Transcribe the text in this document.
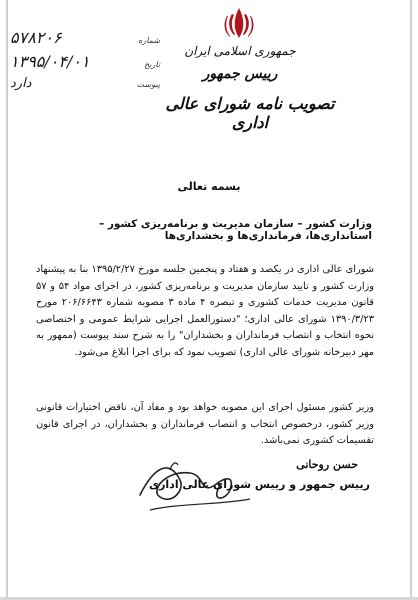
شماره
۵۷۸۲۰۶
تاریخ
۱۳۹۵/۰۴/۰۱
پیوست
دارد
جمهوری اسلامی ایران
رییس جمهور
تصویب نامه شورای عالی اداری
بسمه تعالی
وزارت کشور – سازمان مدیریت و برنامه‌ریزی کشور – استانداری‌ها، فرمانداری‌ها و بخشداری‌ها
شورای عالی اداری در یکصد و هفتاد و پنجمین جلسه مورخ ۱۳۹۵/۲/۲۷ بنا به پیشنهاد وزارت کشور و تایید سازمان مدیریت و برنامه‌ریزی کشور، در اجرای مواد ۵۴ و ۵۷ قانون مدیریت خدمات کشوری و تبصره ۴ ماده ۳ مصوبه شماره ۲۰۶/۶۶۴۳ مورخ ۱۳۹۰/۳/۲۳ شورای عالی اداری؛ "دستورالعمل اجرایی شرایط عمومی و اختصاصی نحوه انتخاب و انتصاب فرمانداران و بخشداران" را به شرح سند پیوست (ممهور به مهر دبیرخانه شورای عالی اداری) تصویب نمود که برای اجرا ابلاغ می‌شود.
وزیر کشور مسئول اجرای این مصوبه خواهد بود و مفاد آن، ناقض اختیارات قانونی وزیر کشور، درخصوص انتخاب و انتصاب فرمانداران و بخشداران، در اجرای قانون تقسیمات کشوری نمی‌باشد.
حسن روحانی
رییس جمهور و رییس شورای عالی اداری
